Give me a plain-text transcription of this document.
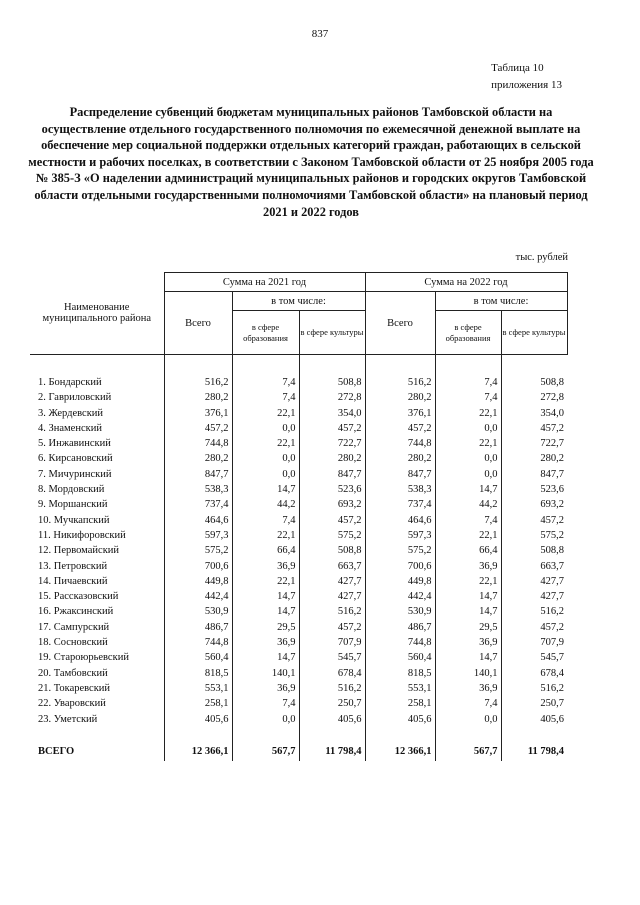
837
Таблица 10
приложения 13
Распределение субвенций бюджетам муниципальных районов Тамбовской области на осуществление отдельного государственного полномочия по ежемесячной денежной выплате на обеспечение мер социальной поддержки отдельных категорий граждан, работающих в сельской местности и рабочих поселках, в соответствии с Законом Тамбовской области от 25 ноября 2005 года № 385-З «О наделении администраций муниципальных районов и городских округов Тамбовской области отдельными государственными полномочиями Тамбовской области» на плановый период 2021 и 2022 годов
тыс. рублей
Наименование муниципального района	Сумма на 2021 год			Сумма на 2022 год		
	Всего	в том числе:		Всего	в том числе:	
		в сфере образования	в сфере культуры		в сфере образования	в сфере культуры
1. Бондарский	516,2	7,4	508,8	516,2	7,4	508,8
2. Гавриловский	280,2	7,4	272,8	280,2	7,4	272,8
3. Жердевский	376,1	22,1	354,0	376,1	22,1	354,0
4. Знаменский	457,2	0,0	457,2	457,2	0,0	457,2
5. Инжавинский	744,8	22,1	722,7	744,8	22,1	722,7
6. Кирсановский	280,2	0,0	280,2	280,2	0,0	280,2
7. Мичуринский	847,7	0,0	847,7	847,7	0,0	847,7
8. Мордовский	538,3	14,7	523,6	538,3	14,7	523,6
9. Моршанский	737,4	44,2	693,2	737,4	44,2	693,2
10. Мучкапский	464,6	7,4	457,2	464,6	7,4	457,2
11. Никифоровский	597,3	22,1	575,2	597,3	22,1	575,2
12. Первомайский	575,2	66,4	508,8	575,2	66,4	508,8
13. Петровский	700,6	36,9	663,7	700,6	36,9	663,7
14. Пичаевский	449,8	22,1	427,7	449,8	22,1	427,7
15. Рассказовский	442,4	14,7	427,7	442,4	14,7	427,7
16. Ржаксинский	530,9	14,7	516,2	530,9	14,7	516,2
17. Сампурский	486,7	29,5	457,2	486,7	29,5	457,2
18. Сосновский	744,8	36,9	707,9	744,8	36,9	707,9
19. Староюрьевский	560,4	14,7	545,7	560,4	14,7	545,7
20. Тамбовский	818,5	140,1	678,4	818,5	140,1	678,4
21. Токаревский	553,1	36,9	516,2	553,1	36,9	516,2
22. Уваровский	258,1	7,4	250,7	258,1	7,4	250,7
23. Уметский	405,6	0,0	405,6	405,6	0,0	405,6
ВСЕГО	12 366,1	567,7	11 798,4	12 366,1	567,7	11 798,4
